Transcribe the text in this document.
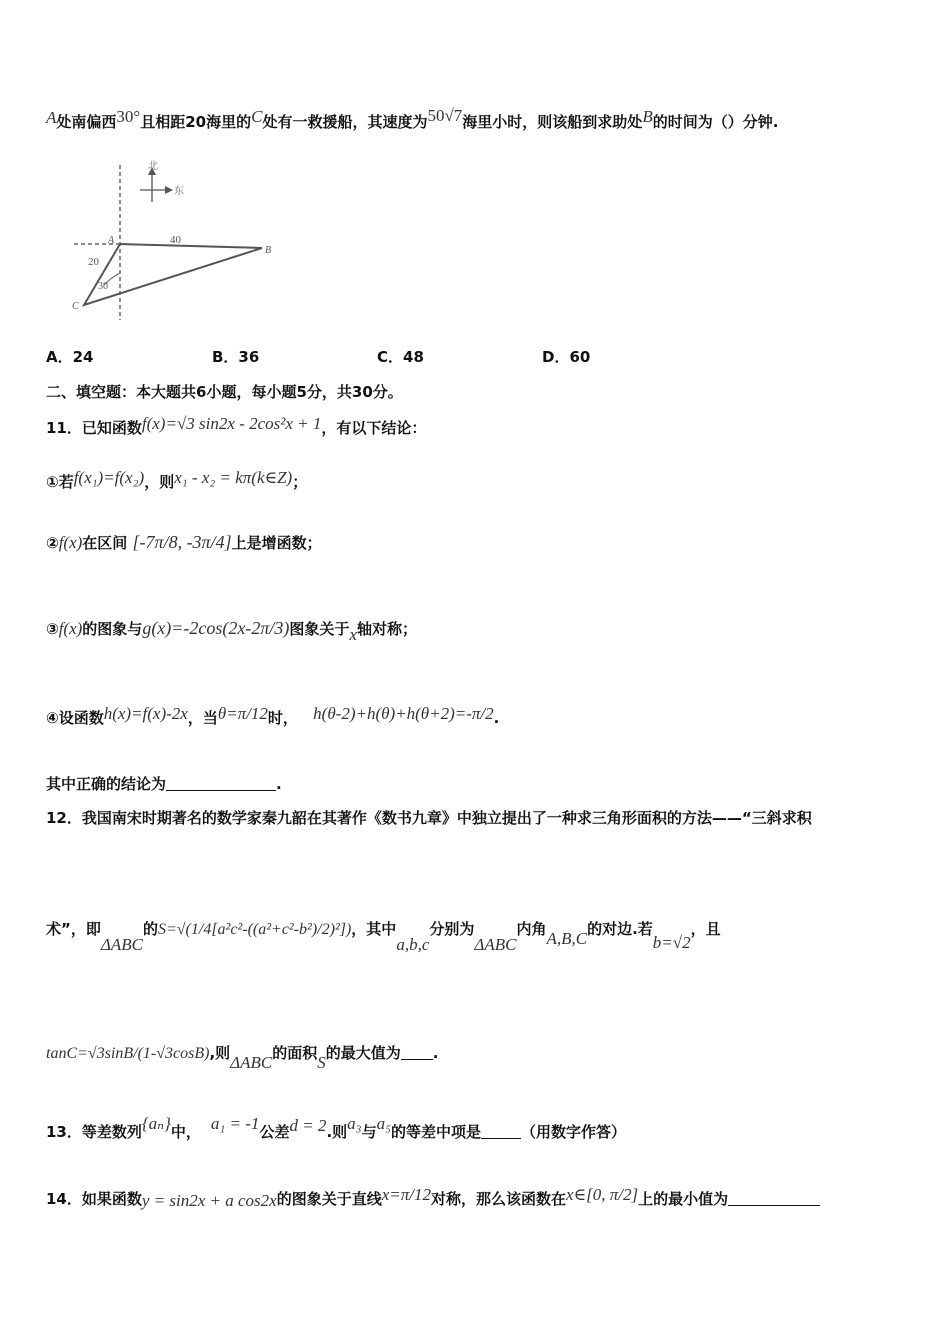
A处南偏西30°且相距20海里的C处有一救援船，其速度为50√7海里小时，则该船到求助处B的时间为（）分钟.
北
东
A
B
C
40
20
30
A．24	B．36	C．48	D．60
二、填空题：本大题共6小题，每小题5分，共30分。
11．已知函数f(x)=√3 sin2x - 2cos²x + 1，有以下结论：
①若f(x₁)=f(x₂)，则x₁ - x₂ = kπ(k∈Z)；
②f(x)在区间 [-7π/8, -3π/4]上是增函数；
③f(x)的图象与g(x)=-2cos(2x-2π/3)图象关于x轴对称；
④设函数h(x)=f(x)-2x，当θ=π/12时， h(θ-2)+h(θ)+h(θ+2)=-π/2.
其中正确的结论为	.
12．我国南宋时期著名的数学家秦九韶在其著作《数书九章》中独立提出了一种求三角形面积的方法——“三斜求积
术”，即ΔABC的S=√(1/4[a²c²-((a²+c²-b²)/2)²])，其中a,b,c分别为ΔABC内角A,B,C的对边.若b=√2，且
tanC=√3sinB/(1-√3cosB),则ΔABC的面积S的最大值为 .
13．等差数列{aₙ}中， a₁ = -1公差d = 2.则a₃与a₅的等差中项是	（用数字作答）
14．如果函数y = sin2x + a cos2x的图象关于直线x=π/12对称，那么该函数在x∈[0, π/2]上的最小值为
